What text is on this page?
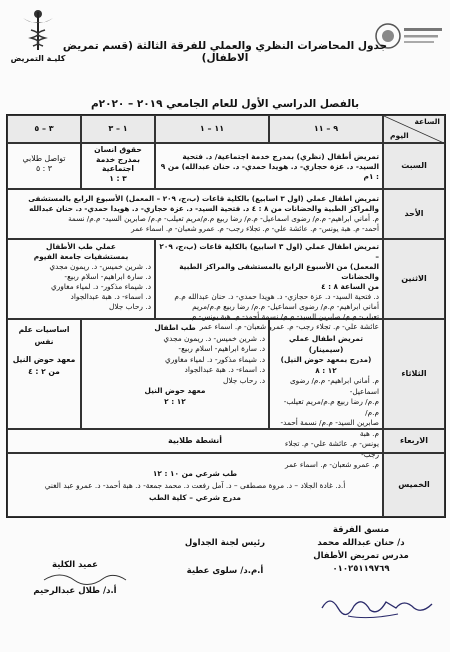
كليـة التمريض
جدول المحاضرات النظري والعملي للفرقة الثالثة (قسم تمريض الاطفال)
بالفصل الدراسي الأول للعام الجامعي ٢٠١٩ – ٢٠٢٠م
الساعة
اليوم
٩ – ١١
١١ – ١
١ – ٣
٣ – ٥
السبت
تمريض أطفال (نظري) بمدرج خدمة اجتماعية/ د. فتحية
السيد- د. عزة حجازي- د. هويدا حمدي- د. حنان عبدالله) من ٩ : ١م
حقوق انسان
بمدرج خدمة
اجتماعية
٣ : ١
تواصل طلابي
٣ : ٥
الأحد
تمريض اطفال عملي (اول ٣ اسابيع) بالكلية قاعات (ب،ج، ٢٠٩ – المعمل) الأسبوع الرابع بالمستشفى
والمراكز الطبية والحضانات من ٨ : ٤ د. فتحية السيد- د. عزة حجازي- د. هويدا حمدي- د. حنان عبدالله
م. أماني ابراهيم- م.م/ رضوى اسماعيل- م.م/ رضا ربيع م.م/مريم تعيلب- م.م/ صابرين السيد- م.م/ نسمة
أحمد- م. هبة يونس- م. عائشة علي- م. تجلاء رجب- م. عمرو شعبان- م. اسماء عمر
الاثنين
تمريض اطفال عملي (اول ٣ اسابيع) بالكلية قاعات (ب،ج، ٢٠٩ –
المعمل) من الأسبوع الرابع بالمستشفى والمراكز الطبية والحضانات
من الساعة ٨ : ٤
د. فتحية السيد- د. عزة حجازي- د. هويدا حمدي- د. حنان عبدالله م.م
أماني ابراهيم- م.م/ رضوى اسماعيل- م.م/ رضا ربيع م.م/مريم
تعيلب- م.م/ صابرين السيد- م.م/ نسمة أحمد- م. هبة يونس- م.
عائشة علي- م. تجلاء رجب- م. عمرو شعبان- م. اسماء عمر
عملي طب الأطفال
بمستشفيات جامعة الفيوم
د. شرين خميس- د. ريمون مجدي
د. سارة ابراهيم- اسلام ربيع-
د. شيماء مذكور- د. لمياء مغاوري
د. اسماء- د. هبة عبدالجواد
د. رحاب جلال
الثلاثاء
تمريض اطفال عملي (سيمينار)
(مدرج بمعهد حوض النيل)
١٢ : ٨
م. أماني ابراهيم- م.م/ رضوى اسماعيل-
م.م/ رضا ربيع م.م/مريم تعيلب- م.م/
صابرين السيد- م.م/ نسمة أحمد- م. هبة
يونس- م. عائشة علي- م. تجلاء رجب-
م. عمرو شعبان- م. اسماء عمر
طب اطفال
د. شرين خميس- د. ريمون مجدي
د. سارة ابراهيم- اسلام ربيع-
د. شيماء مذكور- د. لمياء مغاوري
د. اسماء- د. هبة عبدالجواد
د. رحاب جلال
معهد حوض النيل
١٢ : ٢
اساسيات علم نفس
معهد حوض النيل
من ٢ : ٤
الاربعاء
أنشطة طلابية
الخميس
طب شرعي من ١٠ : ١٢
أ.د. غادة الجلاد – د. مروة مصطفى – د. آمل رفعت د. محمد جمعة- د. هبة أحمد- د. عمرو عبد الغني
مدرج شرعي – كلية الطب
منسق الفرقة
د/ حنان عبدالله محمد
مدرس تمريض الأطفال
٠١٠٢٥١١٩٧٦٩
رئيس لجنة الجداول
أ.م.د/ سلوى عطية
عميد الكلية
أ.د/ طلال عبدالرحيم
